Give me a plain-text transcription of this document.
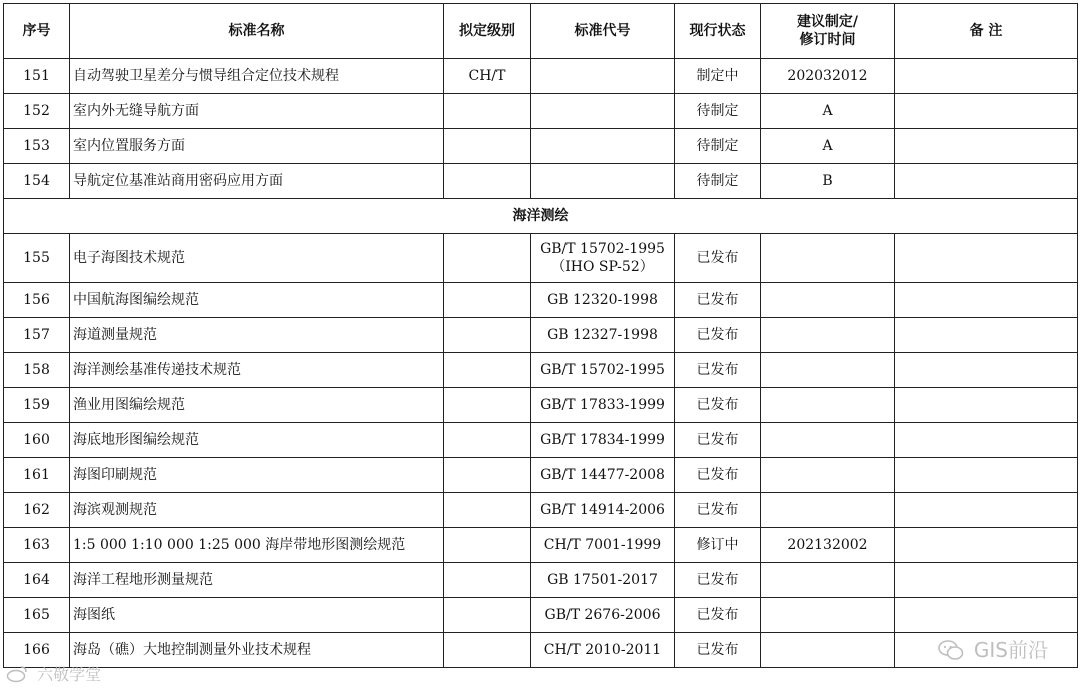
序号	标准名称	拟定级别	标准代号	现行状态	建议制定/
修订时间	备 注
151	自动驾驶卫星差分与惯导组合定位技术规程	CH/T		制定中	202032012	
152	室内外无缝导航方面			待制定	A	
153	室内位置服务方面			待制定	A	
154	导航定位基准站商用密码应用方面			待制定	B	
海洋测绘						
155	电子海图技术规范		GB/T 15702-1995
（IHO SP-52）	已发布		
156	中国航海图编绘规范		GB 12320-1998	已发布		
157	海道测量规范		GB 12327-1998	已发布		
158	海洋测绘基准传递技术规范		GB/T 15702-1995	已发布		
159	渔业用图编绘规范		GB/T 17833-1999	已发布		
160	海底地形图编绘规范		GB/T 17834-1999	已发布		
161	海图印刷规范		GB/T 14477-2008	已发布		
162	海滨观测规范		GB/T 14914-2006	已发布		
163	1:5 000 1:10 000 1:25 000 海岸带地形图测绘规范		CH/T 7001-1999	修订中	202132002	
164	海洋工程地形测量规范		GB 17501-2017	已发布		
165	海图纸		GB/T 2676-2006	已发布		
166	海岛（礁）大地控制测量外业技术规程		CH/T 2010-2011	已发布			GIS前沿
六敬学堂
